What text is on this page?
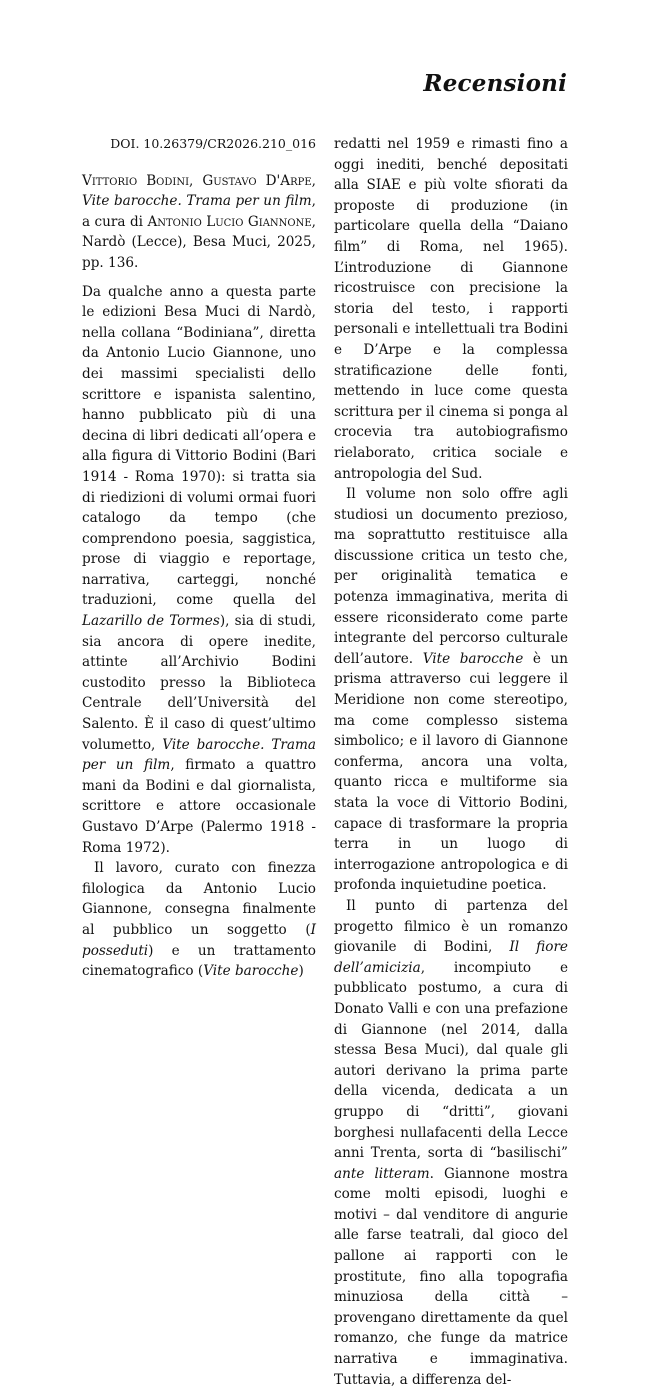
Recensioni
DOI. 10.26379/CR2026.210_016

Vittorio Bodini, Gustavo D'Arpe, Vite barocche. Trama per un film, a cura di Antonio Lucio Giannone, Nardò (Lecce), Besa Muci, 2025, pp. 136.

Da qualche anno a questa parte le edizioni Besa Muci di Nardò, nella collana “Bodiniana”, diretta da Antonio Lucio Giannone, uno dei massimi specialisti dello scrittore e ispanista salentino, hanno pubblicato più di una decina di libri dedicati all’opera e alla figura di Vittorio Bodini (Bari 1914 - Roma 1970): si tratta sia di riedizioni di volumi ormai fuori catalogo da tempo (che comprendono poesia, saggistica, prose di viaggio e reportage, narrativa, carteggi, nonché traduzioni, come quella del Lazarillo de Tormes), sia di studi, sia ancora di opere inedite, attinte all’Archivio Bodini custodito presso la Biblioteca Centrale dell’Università del Salento. È il caso di quest’ultimo volumetto, Vite barocche. Trama per un film, firmato a quattro mani da Bodini e dal giornalista, scrittore e attore occasionale Gustavo D’Arpe (Palermo 1918 - Roma 1972).

Il lavoro, curato con finezza filologica da Antonio Lucio Giannone, consegna finalmente al pubblico un soggetto (I posseduti) e un trattamento cinematografico (Vite barocche)

redatti nel 1959 e rimasti fino a oggi inediti, benché depositati alla SIAE e più volte sfiorati da proposte di produzione (in particolare quella della “Daiano film” di Roma, nel 1965). L’introduzione di Giannone ricostruisce con precisione la storia del testo, i rapporti personali e intellettuali tra Bodini e D’Arpe e la complessa stratificazione delle fonti, mettendo in luce come questa scrittura per il cinema si ponga al crocevia tra autobiografismo rielaborato, critica sociale e antropologia del Sud.

Il volume non solo offre agli studiosi un documento prezioso, ma soprattutto restituisce alla discussione critica un testo che, per originalità tematica e potenza immaginativa, merita di essere riconsiderato come parte integrante del percorso culturale dell’autore. Vite barocche è un prisma attraverso cui leggere il Meridione non come stereotipo, ma come complesso sistema simbolico; e il lavoro di Giannone conferma, ancora una volta, quanto ricca e multiforme sia stata la voce di Vittorio Bodini, capace di trasformare la propria terra in un luogo di interrogazione antropologica e di profonda inquietudine poetica.

Il punto di partenza del progetto filmico è un romanzo giovanile di Bodini, Il fiore dell’amicizia, incompiuto e pubblicato postumo, a cura di Donato Valli e con una prefazione di Giannone (nel 2014, dalla stessa Besa Muci), dal quale gli autori derivano la prima parte della vicenda, dedicata a un gruppo di “dritti”, giovani borghesi nullafacenti della Lecce anni Trenta, sorta di “basilischi” ante litteram. Giannone mostra come molti episodi, luoghi e motivi – dal venditore di angurie alle farse teatrali, dal gioco del pallone ai rapporti con le prostitute, fino alla topografia minuziosa della città – provengano direttamente da quel romanzo, che funge da matrice narrativa e immaginativa. Tuttavia, a differenza del-
